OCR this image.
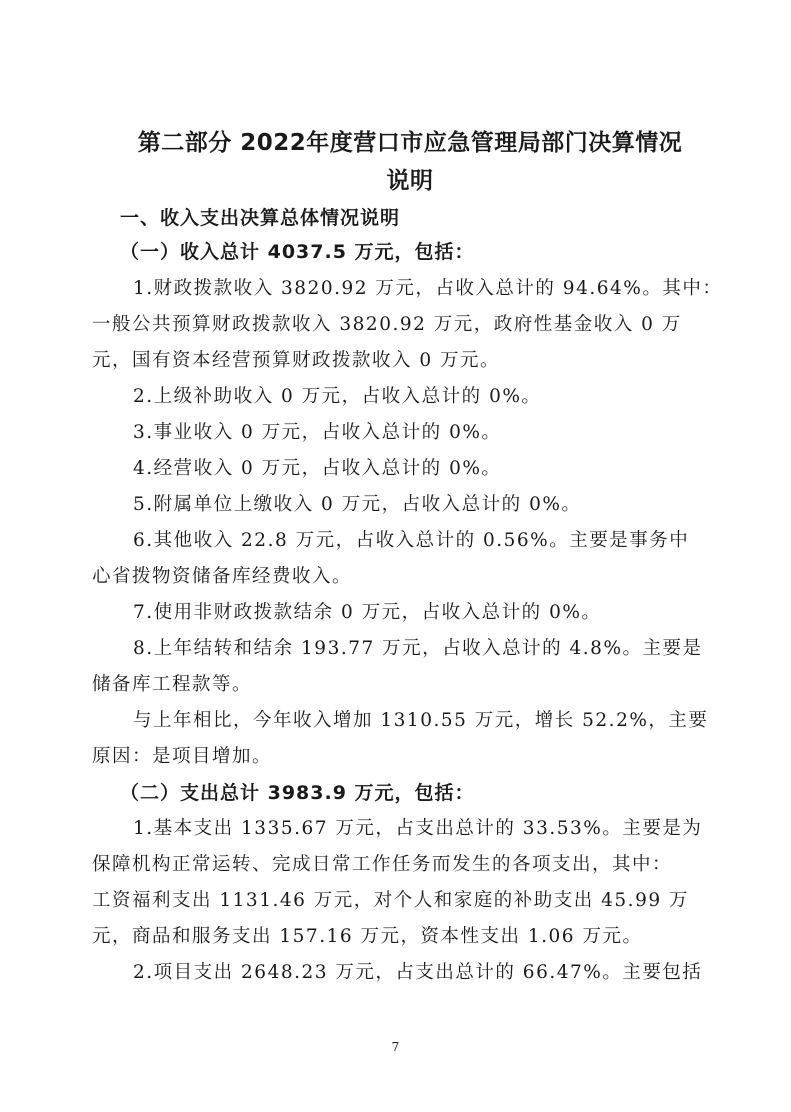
第二部分 2022年度营口市应急管理局部门决算情况
说明
一、收入支出决算总体情况说明
（一）收入总计 4037.5 万元，包括：
1.财政拨款收入 3820.92 万元，占收入总计的 94.64%。其中：
一般公共预算财政拨款收入 3820.92 万元，政府性基金收入 0 万
元，国有资本经营预算财政拨款收入 0 万元。
2.上级补助收入 0 万元，占收入总计的 0%。
3.事业收入 0 万元，占收入总计的 0%。
4.经营收入 0 万元，占收入总计的 0%。
5.附属单位上缴收入 0 万元，占收入总计的 0%。
6.其他收入 22.8 万元，占收入总计的 0.56%。主要是事务中
心省拨物资储备库经费收入。
7.使用非财政拨款结余 0 万元，占收入总计的 0%。
8.上年结转和结余 193.77 万元，占收入总计的 4.8%。主要是
储备库工程款等。
与上年相比，今年收入增加 1310.55 万元，增长 52.2%，主要
原因：是项目增加。
（二）支出总计 3983.9 万元，包括：
1.基本支出 1335.67 万元，占支出总计的 33.53%。主要是为
保障机构正常运转、完成日常工作任务而发生的各项支出，其中：
工资福利支出 1131.46 万元，对个人和家庭的补助支出 45.99 万
元，商品和服务支出 157.16 万元，资本性支出 1.06 万元。
2.项目支出 2648.23 万元，占支出总计的 66.47%。主要包括
7
